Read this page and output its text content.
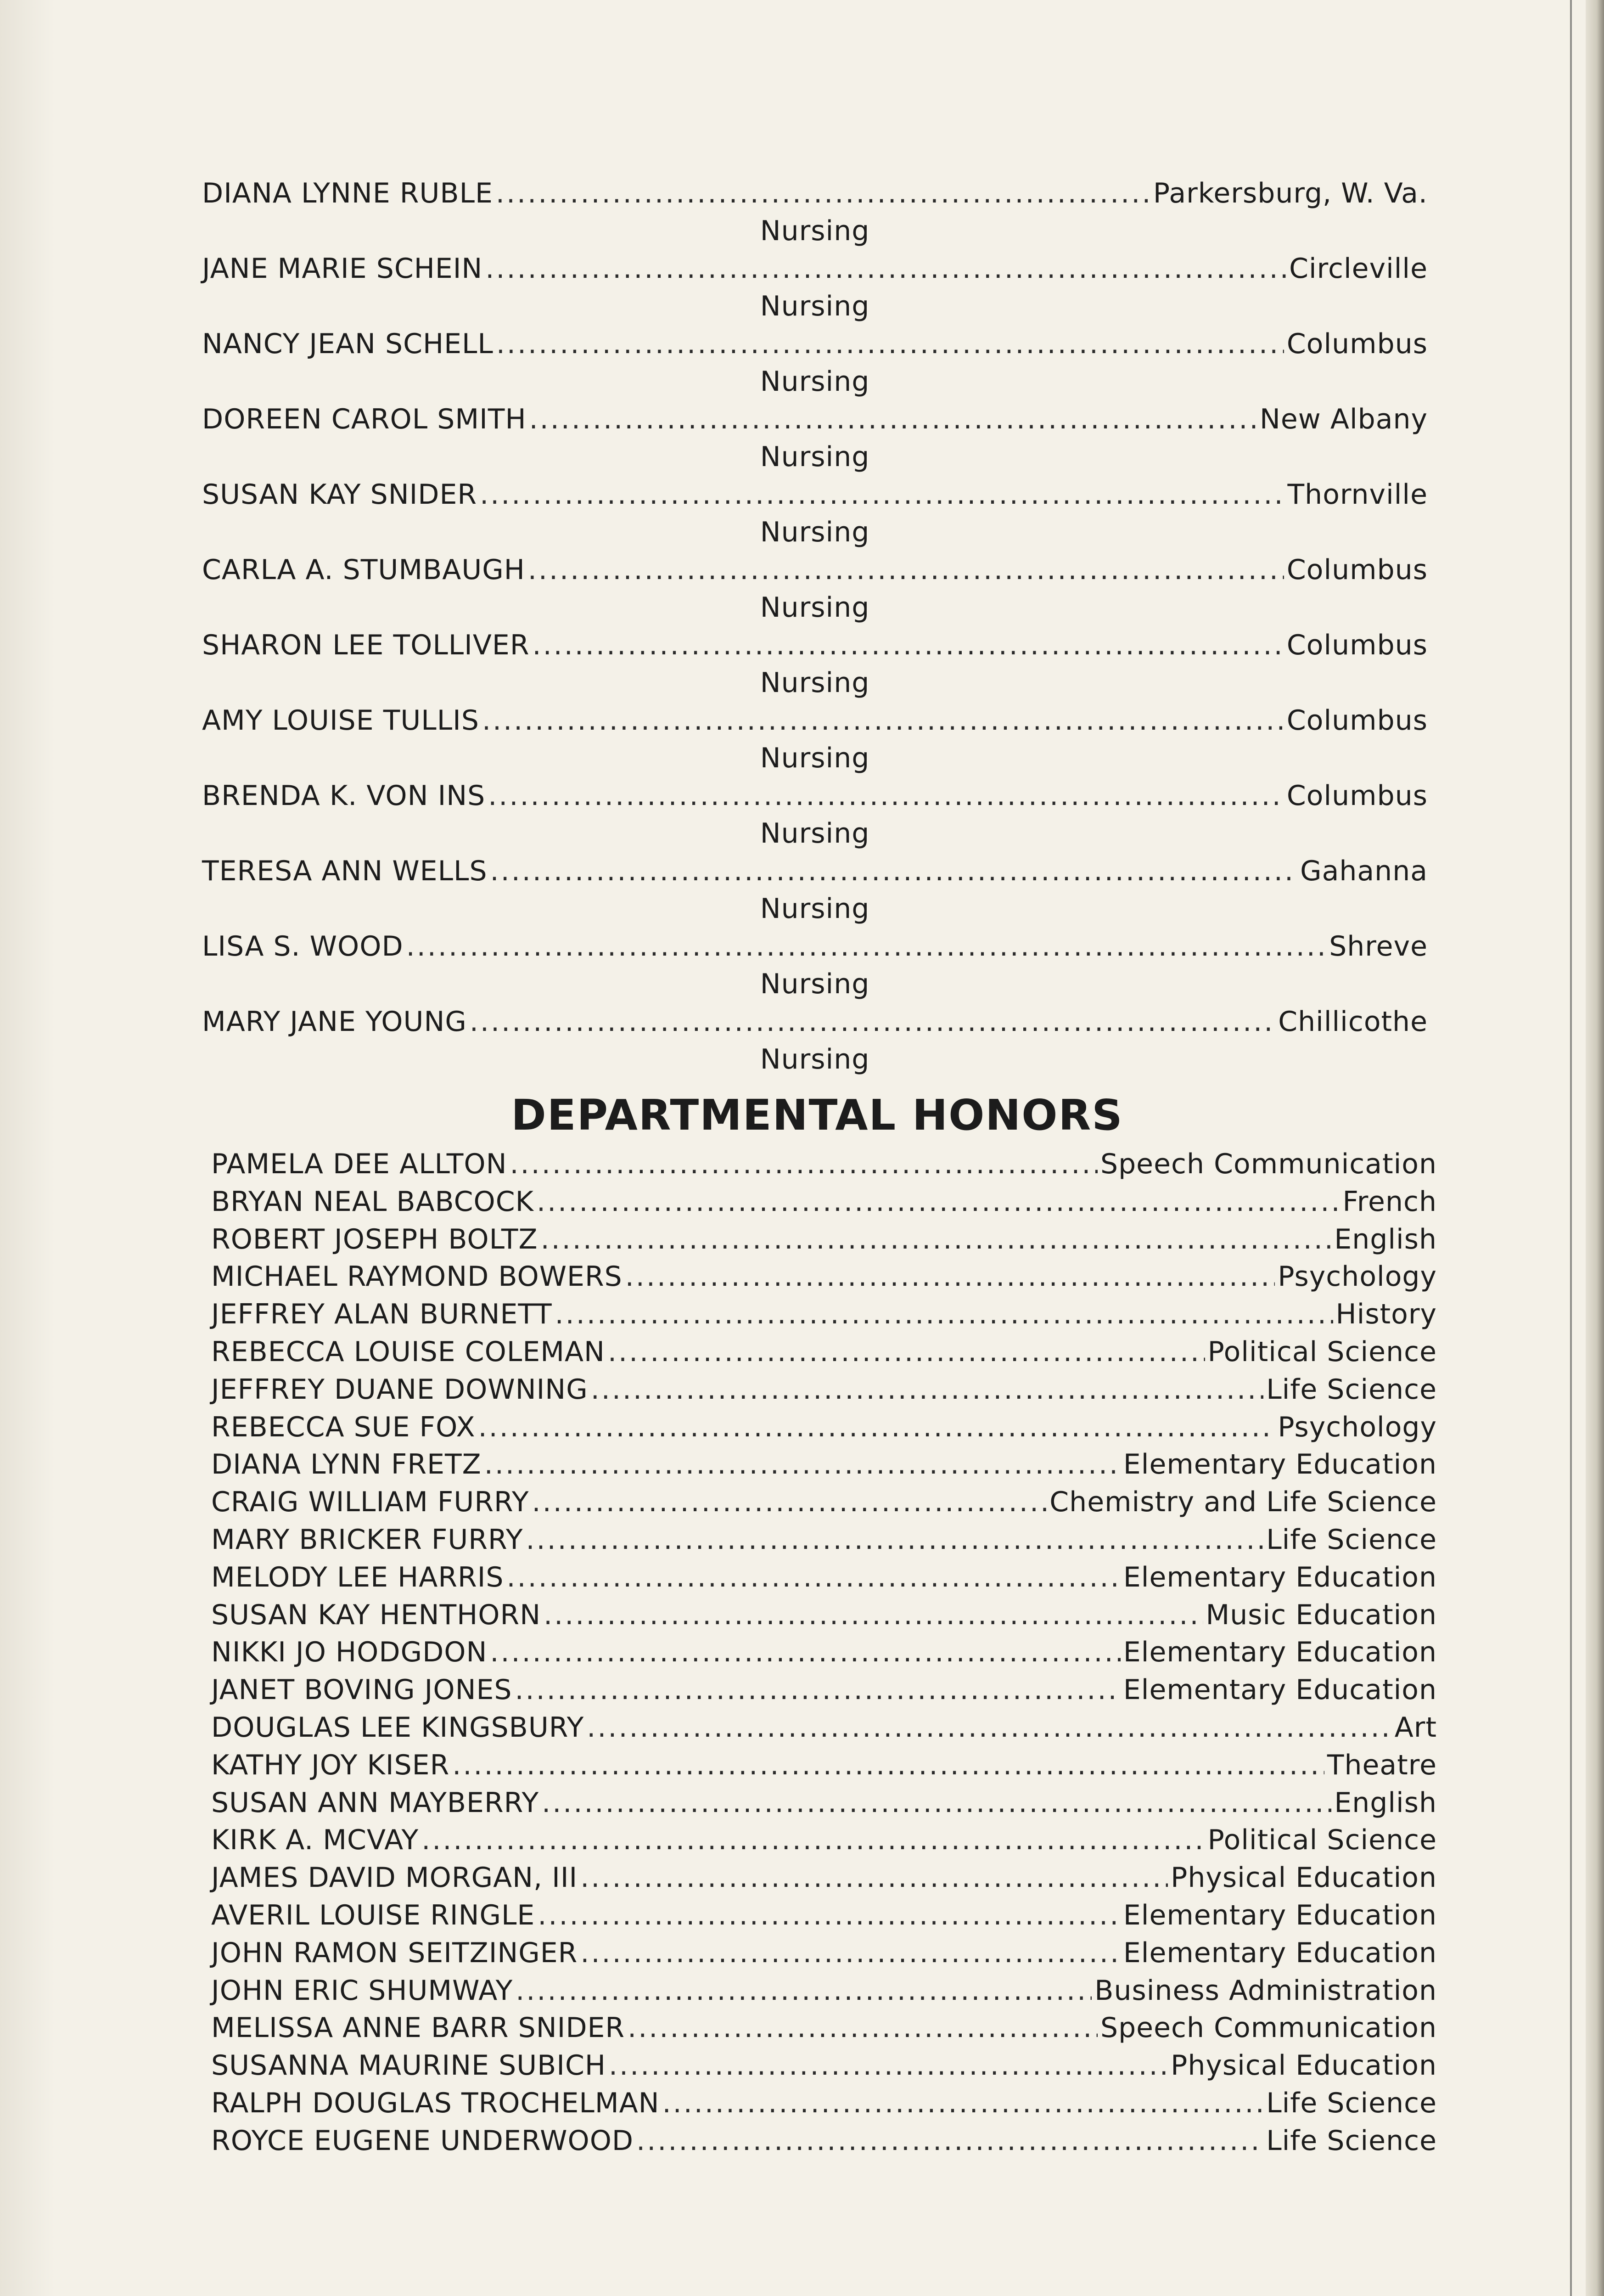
DIANA LYNNE RUBLE .....	Parkersburg, W. Va.
Nursing
JANE MARIE SCHEIN .....	Circleville
Nursing
NANCY JEAN SCHELL .....	Columbus
Nursing
DOREEN CAROL SMITH .....	New Albany
Nursing
SUSAN KAY SNIDER .....	Thornville
Nursing
CARLA A. STUMBAUGH .....	Columbus
Nursing
SHARON LEE TOLLIVER .....	Columbus
Nursing
AMY LOUISE TULLIS .....	Columbus
Nursing
BRENDA K. VON INS .....	Columbus
Nursing
TERESA ANN WELLS .....	Gahanna
Nursing
LISA S. WOOD .....	Shreve
Nursing
MARY JANE YOUNG .....	Chillicothe
Nursing
DEPARTMENTAL HONORS
PAMELA DEE ALLTON .....	Speech Communication
BRYAN NEAL BABCOCK .....	French
ROBERT JOSEPH BOLTZ .....	English
MICHAEL RAYMOND BOWERS .....	Psychology
JEFFREY ALAN BURNETT .....	History
REBECCA LOUISE COLEMAN .....	Political Science
JEFFREY DUANE DOWNING .....	Life Science
REBECCA SUE FOX .....	Psychology
DIANA LYNN FRETZ .....	Elementary Education
CRAIG WILLIAM FURRY .....	Chemistry and Life Science
MARY BRICKER FURRY .....	Life Science
MELODY LEE HARRIS .....	Elementary Education
SUSAN KAY HENTHORN .....	Music Education
NIKKI JO HODGDON .....	Elementary Education
JANET BOVING JONES .....	Elementary Education
DOUGLAS LEE KINGSBURY .....	Art
KATHY JOY KISER .....	Theatre
SUSAN ANN MAYBERRY .....	English
KIRK A. MCVAY .....	Political Science
JAMES DAVID MORGAN, III .....	Physical Education
AVERIL LOUISE RINGLE .....	Elementary Education
JOHN RAMON SEITZINGER .....	Elementary Education
JOHN ERIC SHUMWAY .....	Business Administration
MELISSA ANNE BARR SNIDER .....	Speech Communication
SUSANNA MAURINE SUBICH .....	Physical Education
RALPH DOUGLAS TROCHELMAN .....	Life Science
ROYCE EUGENE UNDERWOOD .....	Life Science
